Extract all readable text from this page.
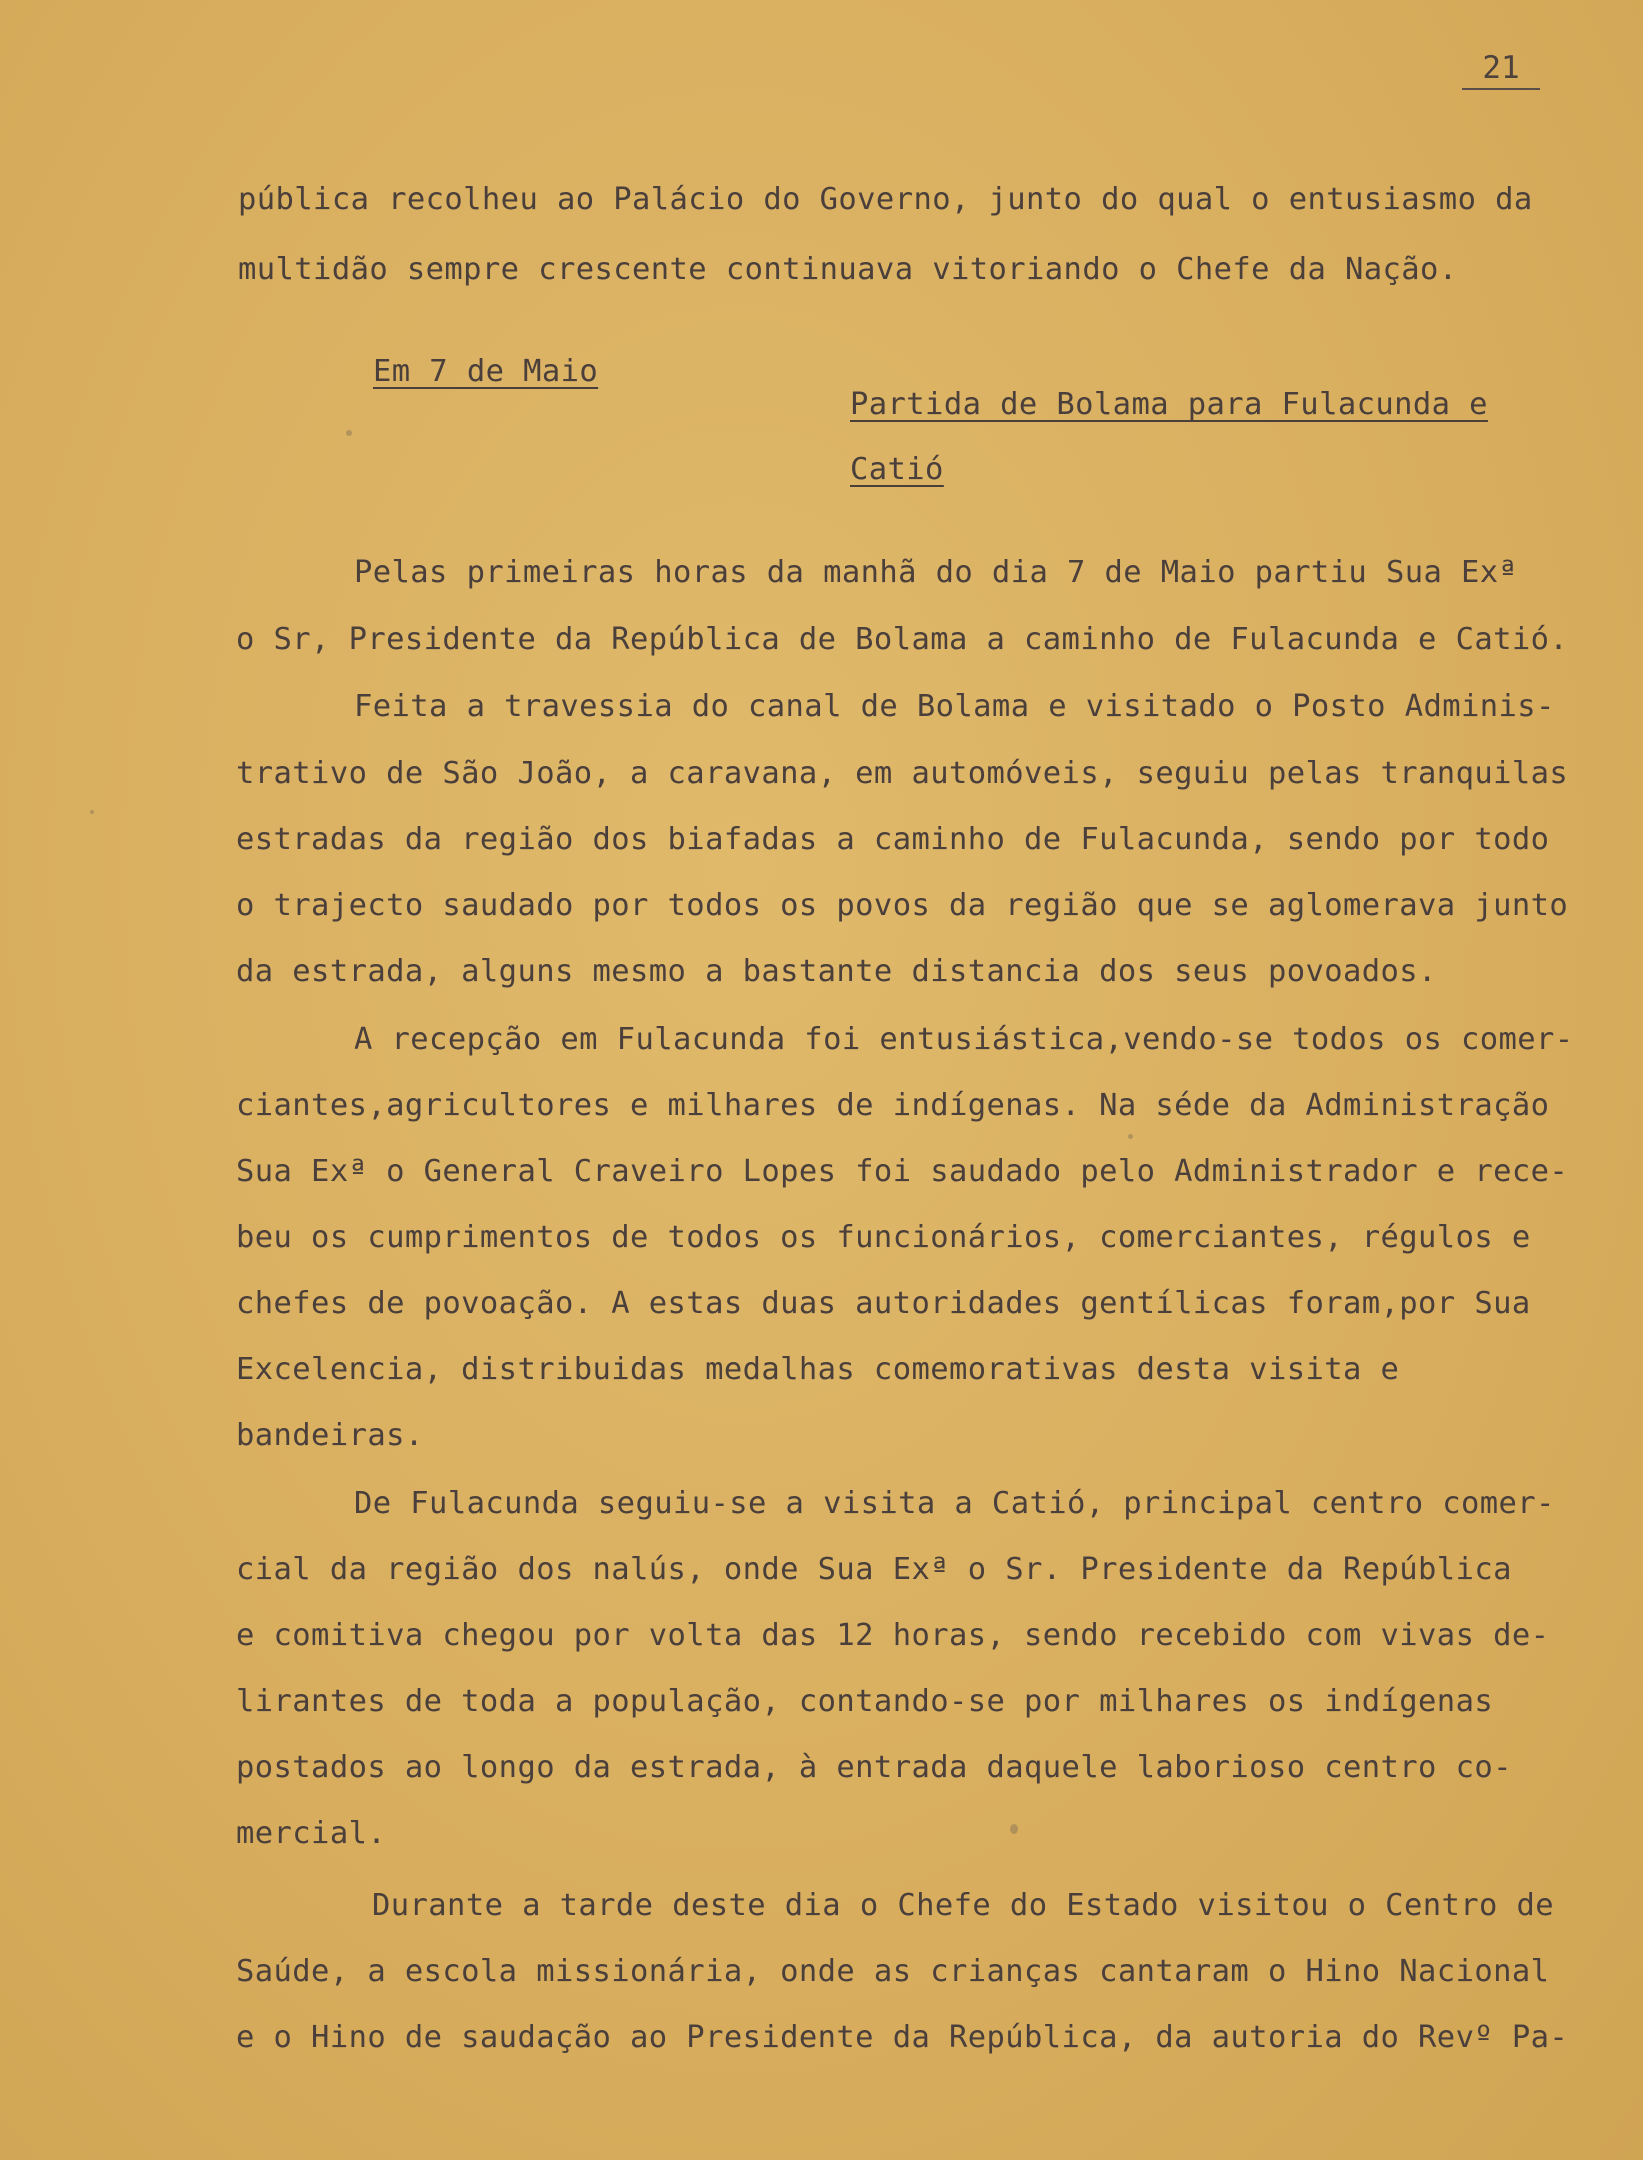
21
pública recolheu ao Palácio do Governo, junto do qual o entusiasmo da
multidão sempre crescente continuava vitoriando o Chefe da Nação.
Em 7 de Maio
Partida de Bolama para Fulacunda e
Catió
Pelas primeiras horas da manhã do dia 7 de Maio partiu Sua Exª
o Sr, Presidente da República de Bolama a caminho de Fulacunda e Catió.
Feita a travessia do canal de Bolama e visitado o Posto Adminis-
trativo de São João, a caravana, em automóveis, seguiu pelas tranquilas
estradas da região dos biafadas a caminho de Fulacunda, sendo por todo
o trajecto saudado por todos os povos da região que se aglomerava junto
da estrada, alguns mesmo a bastante distancia dos seus povoados.
A recepção em Fulacunda foi entusiástica,vendo-se todos os comer-
ciantes,agricultores e milhares de indígenas. Na séde da Administração
Sua Exª o General Craveiro Lopes foi saudado pelo Administrador e rece-
beu os cumprimentos de todos os funcionários, comerciantes, régulos e
chefes de povoação. A estas duas autoridades gentílicas foram,por Sua
Excelencia, distribuidas medalhas comemorativas desta visita e
bandeiras.
De Fulacunda seguiu-se a visita a Catió, principal centro comer-
cial da região dos nalús, onde Sua Exª o Sr. Presidente da República
e comitiva chegou por volta das 12 horas, sendo recebido com vivas de-
lirantes de toda a população, contando-se por milhares os indígenas
postados ao longo da estrada, à entrada daquele laborioso centro co-
mercial.
Durante a tarde deste dia o Chefe do Estado visitou o Centro de
Saúde, a escola missionária, onde as crianças cantaram o Hino Nacional
e o Hino de saudação ao Presidente da República, da autoria do Revº Pa-
